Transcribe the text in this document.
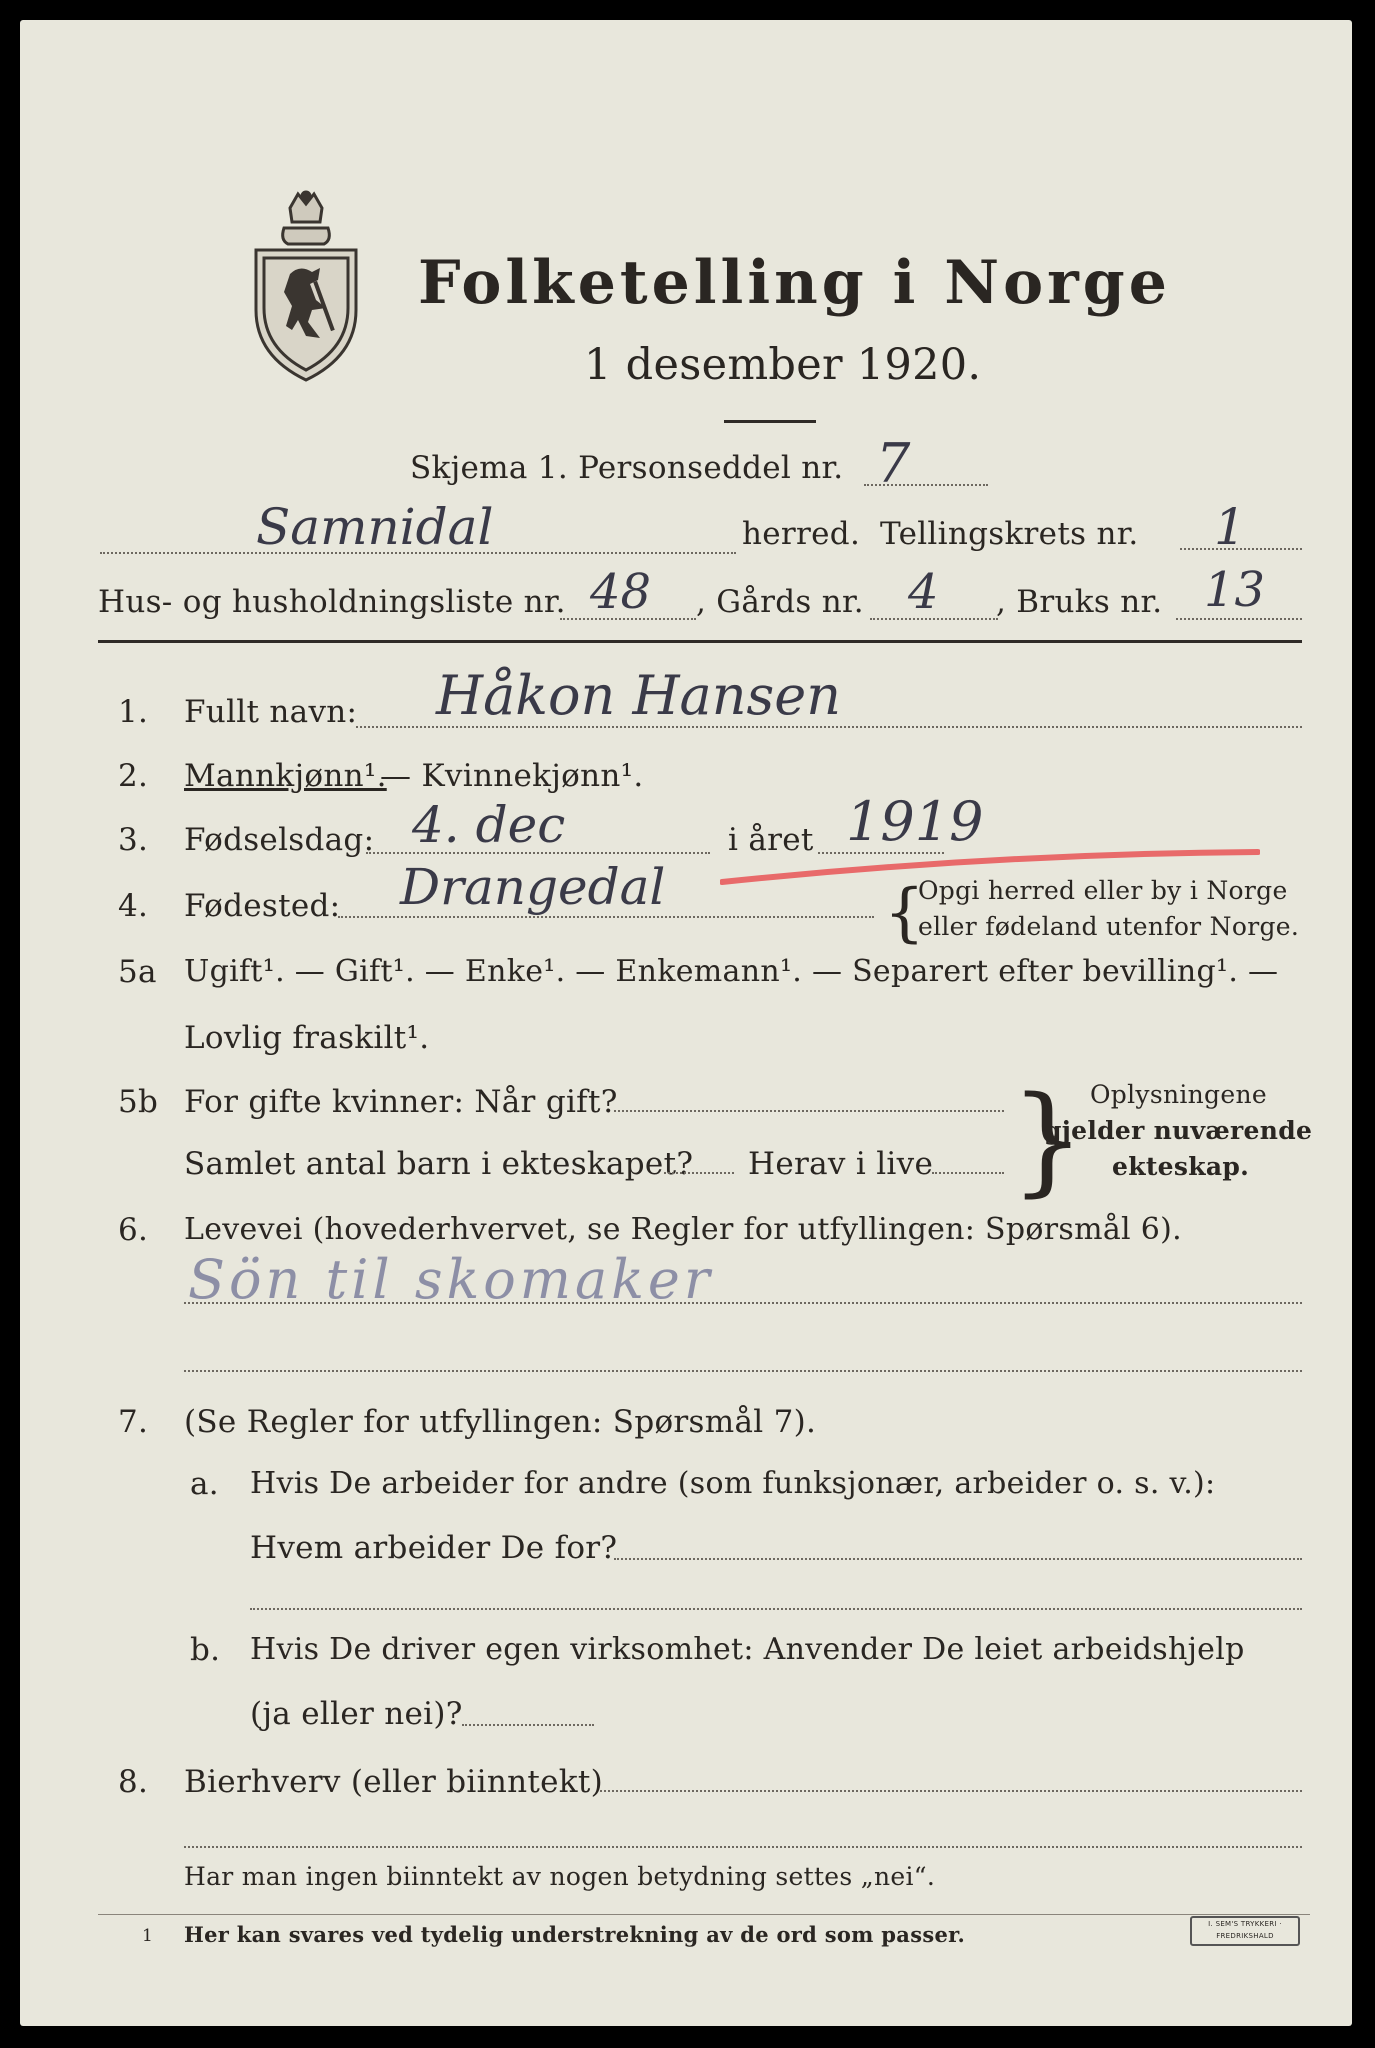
Folketelling i Norge
1 desember 1920.
Skjema 1. Personseddel nr. 7
Samnidal	herred. Tellingskrets nr. 1
Hus- og husholdningsliste nr. 48 , Gårds nr. 4 , Bruks nr. 13
1. Fullt navn: Håkon Hansen
2. Mannkjønn¹.
— Kvinnekjønn¹.
3. Fødselsdag: 4. dec	i året 1919
4. Fødested: Drangedal	{
Opgi herred eller by i Norge
eller fødeland utenfor Norge.
5a Ugift¹. — Gift¹. — Enke¹. — Enkemann¹. — Separert efter bevilling¹. —
Lovlig fraskilt¹.
5b For gifte kvinner: Når gift?
Samlet antal barn i ekteskapet? Herav i live } Oplysningene
gjelder nuværende
ekteskap.
6. Levevei (hovederhvervet, se Regler for utfyllingen: Spørsmål 6).
Sön til skomaker
7. (Se Regler for utfyllingen: Spørsmål 7).
a. Hvis De arbeider for andre (som funksjonær, arbeider o. s. v.):
Hvem arbeider De for?
b. Hvis De driver egen virksomhet: Anvender De leiet arbeidshjelp
(ja eller nei)?
8. Bierhverv (eller biinntekt)
Har man ingen biinntekt av nogen betydning settes „nei“.
1 Her kan svares ved tydelig understrekning av de ord som passer.	I. SEM'S TRYKKERI · FREDRIKSHALD
